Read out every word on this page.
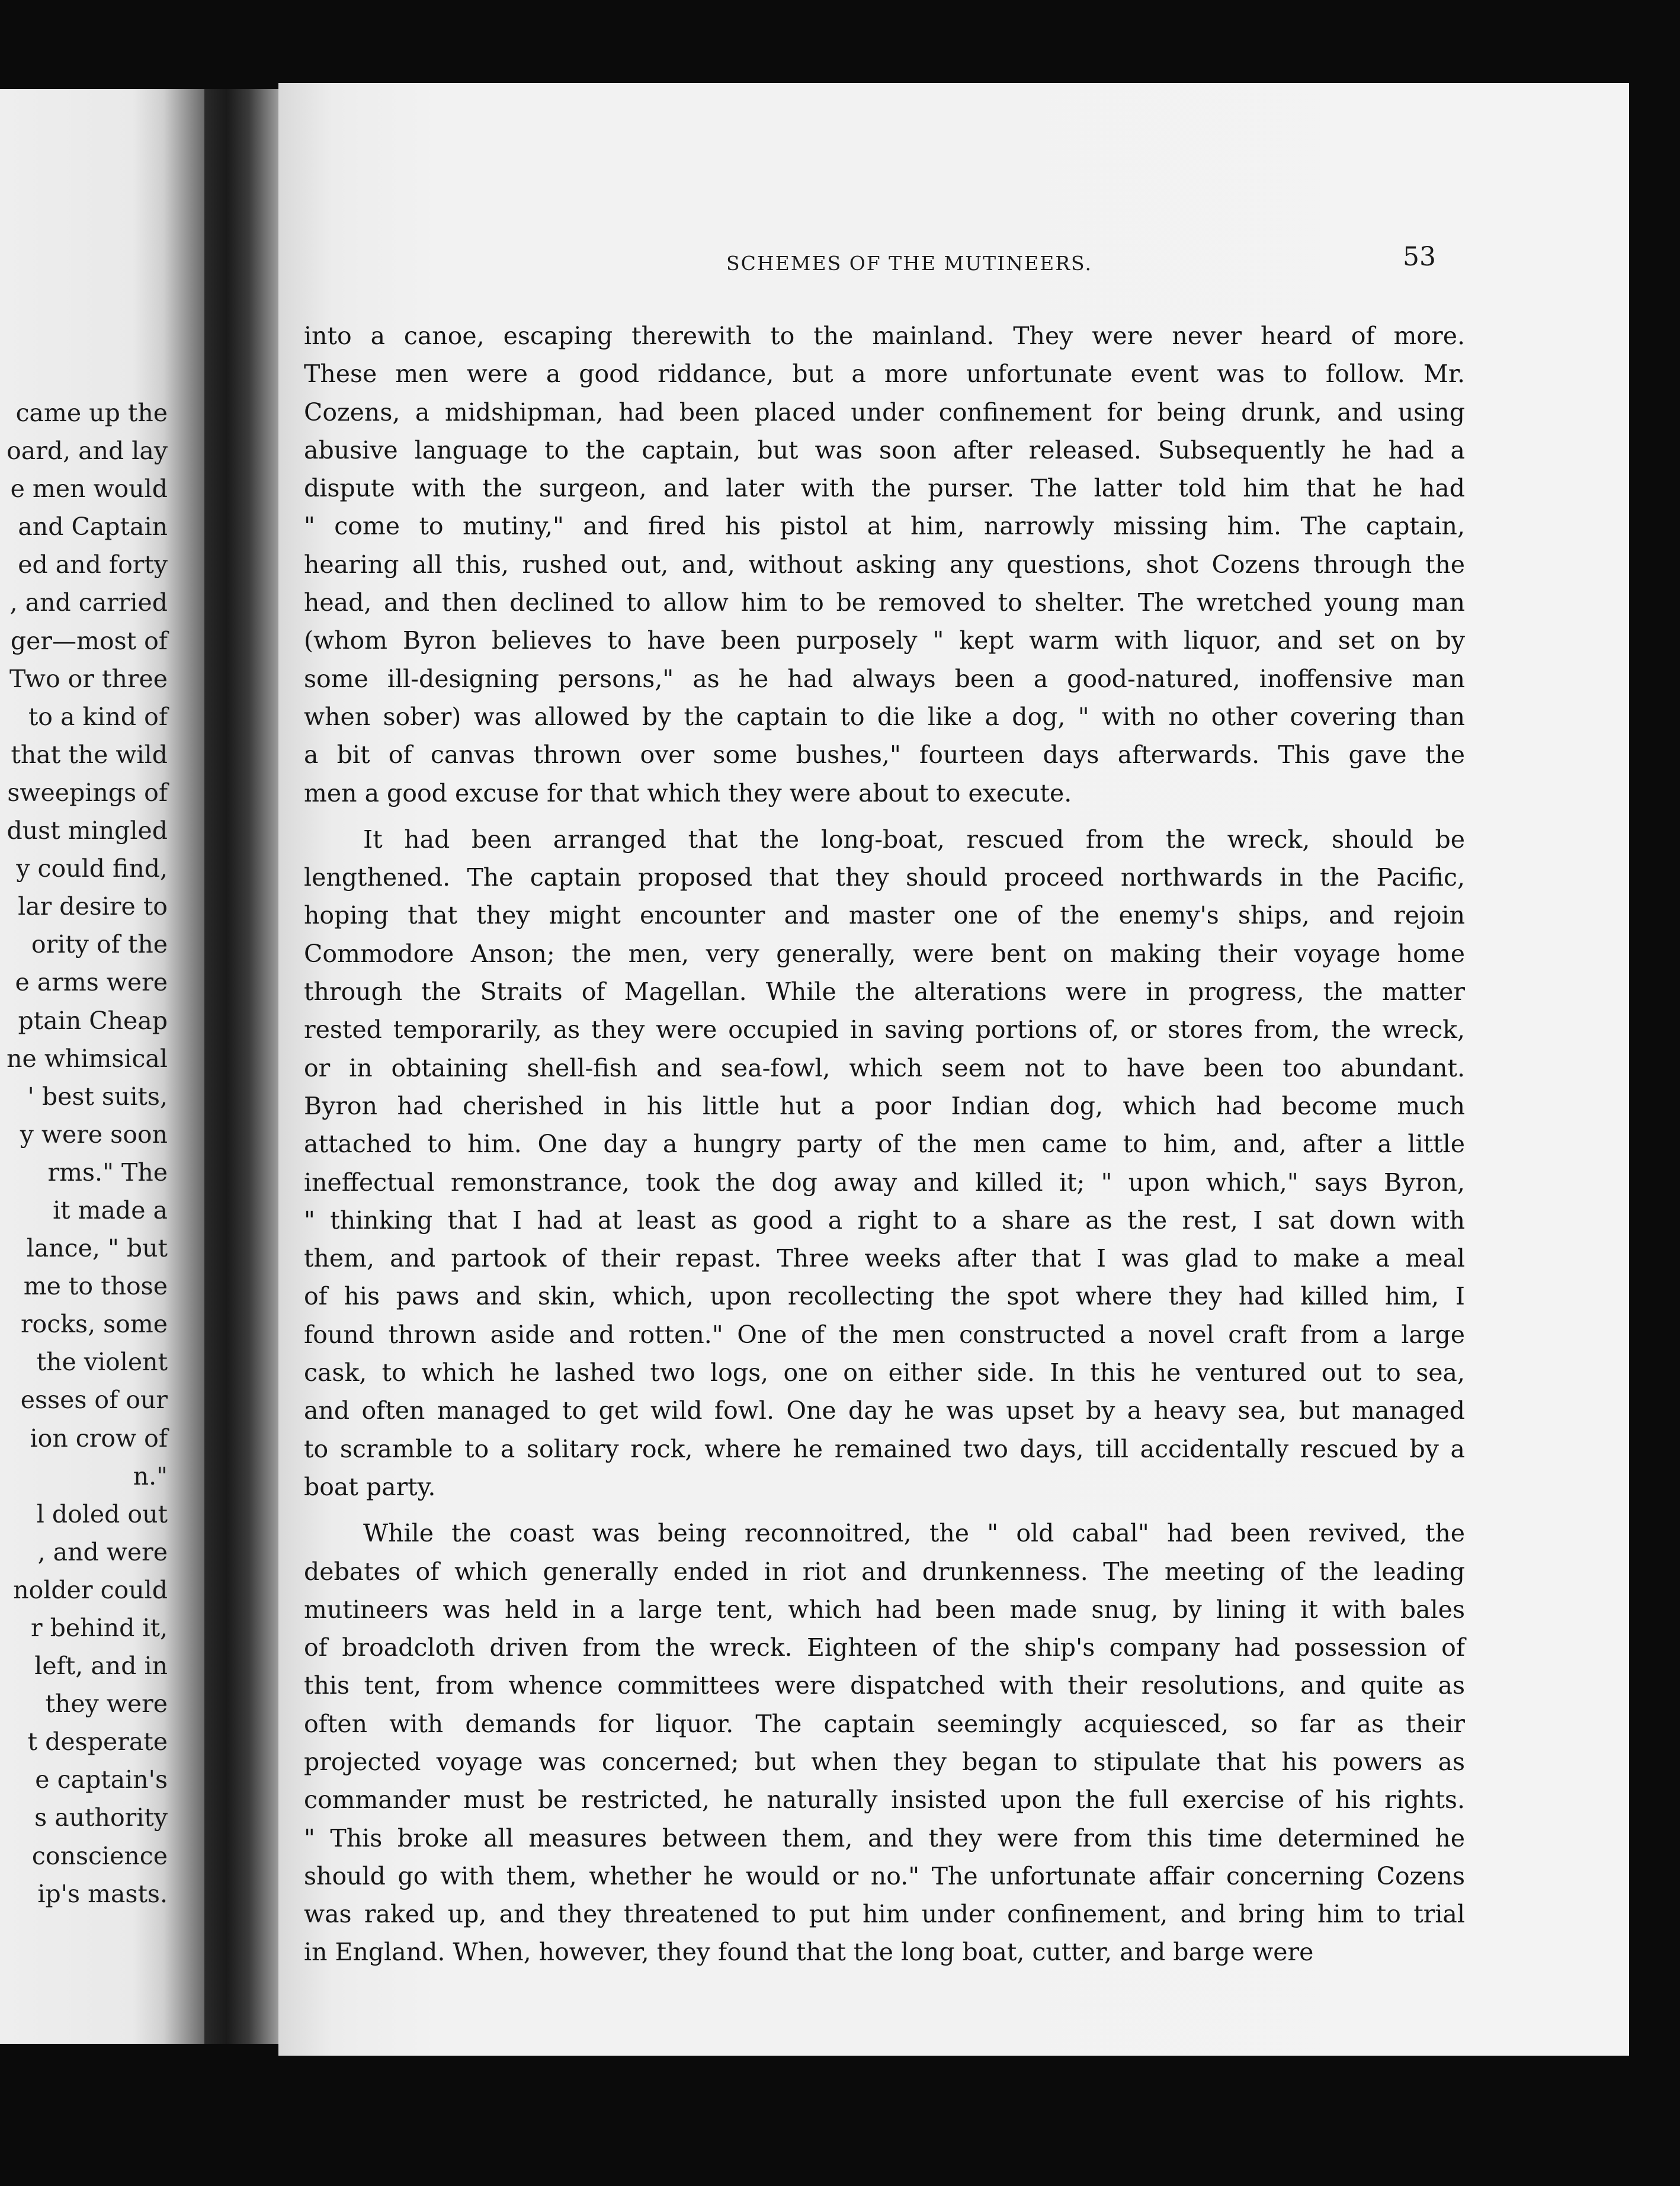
came up the
oard, and lay
e men would
and Captain
ed and forty
, and carried
ger—most of
Two or three
to a kind of
that the wild
sweepings of
dust mingled
y could find,
lar desire to
ority of the
e arms were
ptain Cheap
ne whimsical
' best suits,
y were soon
rms." The
it made a
lance, " but
me to those
rocks, some
the violent
esses of our
ion crow of
n."
l doled out
, and were
nolder could
r behind it,
left, and in
they were
t desperate
e captain's
s authority
conscience
ip's masts.
SCHEMES OF THE MUTINEERS.	53
into a canoe, escaping therewith to the mainland. They were never heard of more.
These men were a good riddance, but a more unfortunate event was to follow. Mr.
Cozens, a midshipman, had been placed under confinement for being drunk, and using
abusive language to the captain, but was soon after released. Subsequently he had a
dispute with the surgeon, and later with the purser. The latter told him that he had
" come to mutiny," and fired his pistol at him, narrowly missing him. The captain,
hearing all this, rushed out, and, without asking any questions, shot Cozens through the
head, and then declined to allow him to be removed to shelter. The wretched young man
(whom Byron believes to have been purposely " kept warm with liquor, and set on by
some ill-designing persons," as he had always been a good-natured, inoffensive man
when sober) was allowed by the captain to die like a dog, " with no other covering than
a bit of canvas thrown over some bushes," fourteen days afterwards. This gave the
men a good excuse for that which they were about to execute.
It had been arranged that the long-boat, rescued from the wreck, should be
lengthened. The captain proposed that they should proceed northwards in the Pacific,
hoping that they might encounter and master one of the enemy's ships, and rejoin
Commodore Anson; the men, very generally, were bent on making their voyage home
through the Straits of Magellan. While the alterations were in progress, the matter
rested temporarily, as they were occupied in saving portions of, or stores from, the wreck,
or in obtaining shell-fish and sea-fowl, which seem not to have been too abundant.
Byron had cherished in his little hut a poor Indian dog, which had become much
attached to him. One day a hungry party of the men came to him, and, after a little
ineffectual remonstrance, took the dog away and killed it; " upon which," says Byron,
" thinking that I had at least as good a right to a share as the rest, I sat down with
them, and partook of their repast. Three weeks after that I was glad to make a meal
of his paws and skin, which, upon recollecting the spot where they had killed him, I
found thrown aside and rotten." One of the men constructed a novel craft from a large
cask, to which he lashed two logs, one on either side. In this he ventured out to sea,
and often managed to get wild fowl. One day he was upset by a heavy sea, but managed
to scramble to a solitary rock, where he remained two days, till accidentally rescued by a
boat party.
While the coast was being reconnoitred, the " old cabal" had been revived, the
debates of which generally ended in riot and drunkenness. The meeting of the leading
mutineers was held in a large tent, which had been made snug, by lining it with bales
of broadcloth driven from the wreck. Eighteen of the ship's company had possession of
this tent, from whence committees were dispatched with their resolutions, and quite as
often with demands for liquor. The captain seemingly acquiesced, so far as their
projected voyage was concerned; but when they began to stipulate that his powers as
commander must be restricted, he naturally insisted upon the full exercise of his rights.
" This broke all measures between them, and they were from this time determined he
should go with them, whether he would or no." The unfortunate affair concerning Cozens
was raked up, and they threatened to put him under confinement, and bring him to trial
in England. When, however, they found that the long boat, cutter, and barge were
